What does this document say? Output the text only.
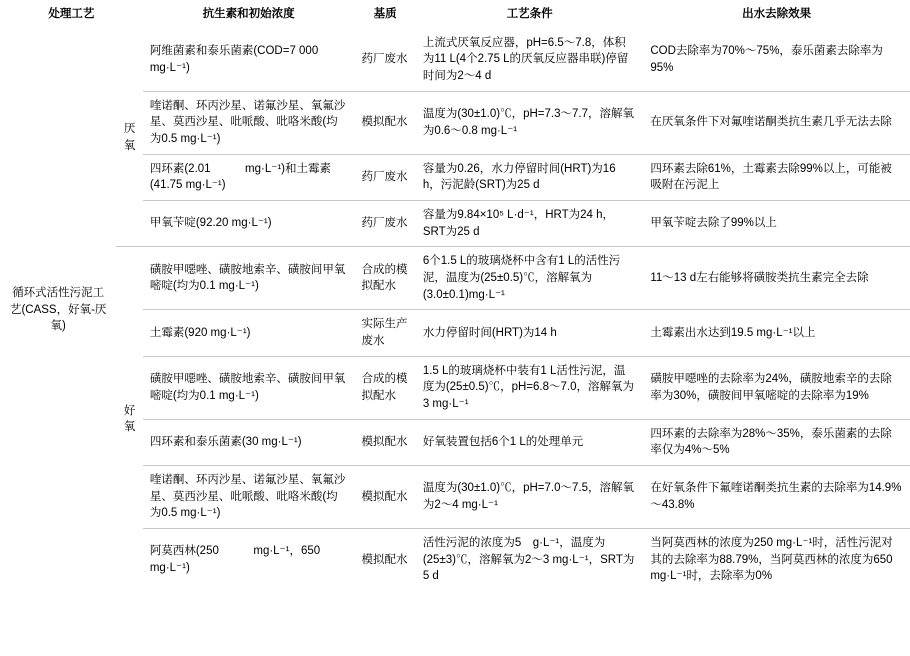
处理工艺		抗生素和初始浓度	基质	工艺条件	出水去除效果
循环式活性污泥工艺(CASS，好氧-厌氧)	厌氧	阿维菌素和泰乐菌素(COD=7 000 mg·L⁻¹)	药厂废水	上流式厌氧反应器，pH=6.5～7.8，体积为11 L(4个2.75 L的厌氧反应器串联)停留时间为2～4 d	COD去除率为70%～75%，泰乐菌素去除率为95%
		喹诺酮、环丙沙星、诺氟沙星、氧氟沙星、莫西沙星、吡哌酸、吡咯米酸(均为0.5 mg·L⁻¹)	模拟配水	温度为(30±1.0)℃，pH=7.3～7.7，溶解氧为0.6～0.8 mg·L⁻¹	在厌氧条件下对氟喹诺酮类抗生素几乎无法去除
		四环素(2.01　　　mg·L⁻¹)和土霉素(41.75 mg·L⁻¹)	药厂废水	容量为0.26，水力停留时间(HRT)为16 h，污泥龄(SRT)为25 d	四环素去除61%，土霉素去除99%以上，可能被吸附在污泥上
		甲氧苄啶(92.20 mg·L⁻¹)	药厂废水	容量为9.84×10⁵ L·d⁻¹，HRT为24 h，SRT为25 d	甲氧苄啶去除了99%以上
	好氧	磺胺甲噁唑、磺胺地索辛、磺胺间甲氧嘧啶(均为0.1 mg·L⁻¹)	合成的模拟配水	6个1.5 L的玻璃烧杯中含有1 L的活性污泥，温度为(25±0.5)℃，溶解氧为(3.0±0.1)mg·L⁻¹	11～13 d左右能够将磺胺类抗生素完全去除
		土霉素(920 mg·L⁻¹)	实际生产废水	水力停留时间(HRT)为14 h	土霉素出水达到19.5 mg·L⁻¹以上
		磺胺甲噁唑、磺胺地索辛、磺胺间甲氧嘧啶(均为0.1 mg·L⁻¹)	合成的模拟配水	1.5 L的玻璃烧杯中装有1 L活性污泥，温度为(25±0.5)℃，pH=6.8～7.0，溶解氧为3 mg·L⁻¹	磺胺甲噁唑的去除率为24%，磺胺地索辛的去除率为30%，磺胺间甲氧嘧啶的去除率为19%
		四环素和泰乐菌素(30 mg·L⁻¹)	模拟配水	好氧装置包括6个1 L的处理单元	四环素的去除率为28%～35%，泰乐菌素的去除率仅为4%～5%
		喹诺酮、环丙沙星、诺氟沙星、氧氟沙星、莫西沙星、吡哌酸、吡咯米酸(均为0.5 mg·L⁻¹)	模拟配水	温度为(30±1.0)℃，pH=7.0～7.5，溶解氧为2～4 mg·L⁻¹	在好氧条件下氟喹诺酮类抗生素的去除率为14.9%～43.8%
		阿莫西林(250　　　mg·L⁻¹，650 mg·L⁻¹)	模拟配水	活性污泥的浓度为5　g·L⁻¹，温度为(25±3)℃，溶解氧为2～3 mg·L⁻¹，SRT为5 d	当阿莫西林的浓度为250 mg·L⁻¹时，活性污泥对其的去除率为88.79%，当阿莫西林的浓度为650 mg·L⁻¹时，去除率为0%
